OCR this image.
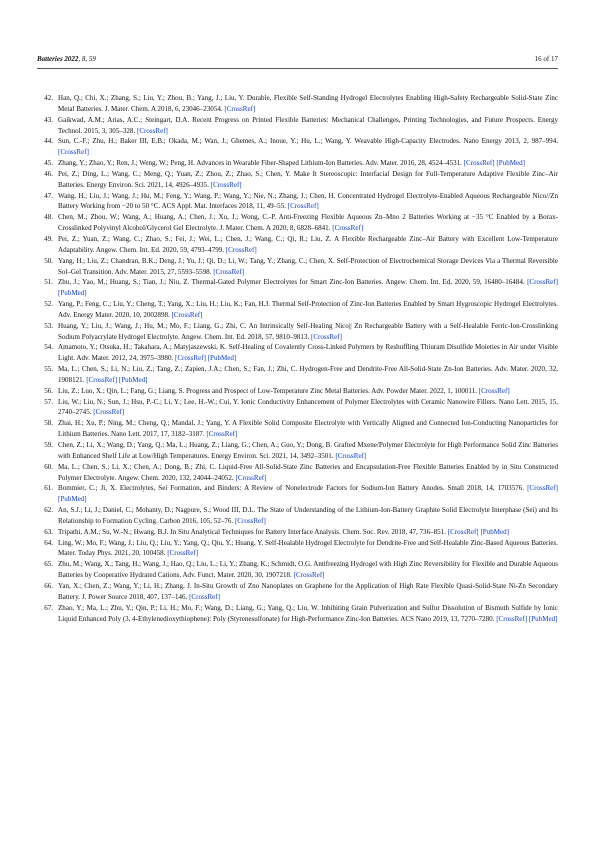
Batteries 2022, 8, 59	16 of 17
42. Han, Q.; Chi, X.; Zhang, S.; Liu, Y.; Zhou, B.; Yang, J.; Liu, Y. Durable, Flexible Self-Standing Hydrogel Electrolytes Enabling High-Safety Rechargeable Solid-State Zinc Metal Batteries. J. Mater. Chem. A 2018, 6, 23046–23054. [CrossRef]
43. Gaikwad, A.M.; Arias, A.C.; Steingart, D.A. Recent Progress on Printed Flexible Batteries: Mechanical Challenges, Printing Technologies, and Future Prospects. Energy Technol. 2015, 3, 305–328. [CrossRef]
44. Sun, C.-F.; Zhu, H.; Baker III, E.B.; Okada, M.; Wan, J.; Ghemes, A.; Inoue, Y.; Hu, L.; Wang, Y. Weavable High-Capacity Electrodes. Nano Energy 2013, 2, 987–994. [CrossRef]
45. Zhang, Y.; Zhao, Y.; Ren, J.; Weng, W.; Peng, H. Advances in Wearable Fiber-Shaped Lithium-Ion Batteries. Adv. Mater. 2016, 28, 4524–4531. [CrossRef] [PubMed]
46. Pei, Z.; Ding, L.; Wang, C.; Meng, Q.; Yuan, Z.; Zhou, Z.; Zhao, S.; Chen, Y. Make It Stereoscopic: Interfacial Design for Full-Temperature Adaptive Flexible Zinc–Air Batteries. Energy Environ. Sci. 2021, 14, 4926–4935. [CrossRef]
47. Wang, H.; Liu, J.; Wang, J.; Hu, M.; Feng, Y.; Wang, P.; Wang, Y.; Nie, N.; Zhang, J.; Chen, H. Concentrated Hydrogel Electrolyte-Enabled Aqueous Rechargeable Nico//Zn Battery Working from −20 to 50 °C. ACS Appl. Mat. Interfaces 2018, 11, 49–55. [CrossRef]
48. Chen, M.; Zhou, W.; Wang, A.; Huang, A.; Chen, J.; Xu, J.; Wong, C.-P. Anti-Freezing Flexible Aqueous Zn–Mno 2 Batteries Working at −35 °C Enabled by a Borax-Crosslinked Polyvinyl Alcohol/Glycerol Gel Electrolyte. J. Mater. Chem. A 2020, 8, 6828–6841. [CrossRef]
49. Pei, Z.; Yuan, Z.; Wang, C.; Zhao, S.; Fei, J.; Wei, L.; Chen, J.; Wang, C.; Qi, R.; Liu, Z. A Flexible Rechargeable Zinc–Air Battery with Excellent Low-Temperature Adaptability. Angew. Chem. Int. Ed. 2020, 59, 4793–4799. [CrossRef]
50. Yang, H.; Liu, Z.; Chandran, B.K.; Deng, J.; Yu, J.; Qi, D.; Li, W.; Tang, Y.; Zhang, C.; Chen, X. Self-Protection of Electrochemical Storage Devices Via a Thermal Reversible Sol–Gel Transition. Adv. Mater. 2015, 27, 5593–5598. [CrossRef]
51. Zhu, J.; Yao, M.; Huang, S.; Tian, J.; Niu, Z. Thermal-Gated Polymer Electrolytes for Smart Zinc-Ion Batteries. Angew. Chem. Int. Ed. 2020, 59, 16480–16484. [CrossRef] [PubMed]
52. Yang, P.; Feng, C.; Liu, Y.; Cheng, T.; Yang, X.; Liu, H.; Liu, K.; Fan, H.J. Thermal Self-Protection of Zinc-Ion Batteries Enabled by Smart Hygroscopic Hydrogel Electrolytes. Adv. Energy Mater. 2020, 10, 2002898. [CrossRef]
53. Huang, Y.; Liu, J.; Wang, J.; Hu, M.; Mo, F.; Liang, G.; Zhi, C. An Intrinsically Self-Healing Nico|| Zn Rechargeable Battery with a Self-Healable Ferric-Ion-Crosslinking Sodium Polyacrylate Hydrogel Electrolyte. Angew. Chem. Int. Ed. 2018, 57, 9810–9813. [CrossRef]
54. Amamoto, Y.; Otsuka, H.; Takahara, A.; Matyjaszewski, K. Self-Healing of Covalently Cross-Linked Polymers by Reshuffling Thiuram Disulfide Moieties in Air under Visible Light. Adv. Mater. 2012, 24, 3975–3980. [CrossRef] [PubMed]
55. Ma, L.; Chen, S.; Li, N.; Liu, Z.; Tang, Z.; Zapien, J.A.; Chen, S.; Fan, J.; Zhi, C. Hydrogen-Free and Dendrite-Free All-Solid-State Zn-Ion Batteries. Adv. Mater. 2020, 32, 1908121. [CrossRef] [PubMed]
56. Liu, Z.; Luo, X.; Qin, L.; Fang, G.; Liang, S. Progress and Prospect of Low-Temperature Zinc Metal Batteries. Adv. Powder Mater. 2022, 1, 100011. [CrossRef]
57. Liu, W.; Liu, N.; Sun, J.; Hsu, P.-C.; Li, Y.; Lee, H.-W.; Cui, Y. Ionic Conductivity Enhancement of Polymer Electrolytes with Ceramic Nanowire Fillers. Nano Lett. 2015, 15, 2740–2745. [CrossRef]
58. Zhai, H.; Xu, P.; Ning, M.; Cheng, Q.; Mandal, J.; Yang, Y. A Flexible Solid Composite Electrolyte with Vertically Aligned and Connected Ion-Conducting Nanoparticles for Lithium Batteries. Nano Lett. 2017, 17, 3182–3187. [CrossRef]
59. Chen, Z.; Li, X.; Wang, D.; Yang, Q.; Ma, L.; Huang, Z.; Liang, G.; Chen, A.; Guo, Y.; Dong, B. Grafted Mxene/Polymer Electrolyte for High Performance Solid Zinc Batteries with Enhanced Shelf Life at Low/High Temperatures. Energy Environ. Sci. 2021, 14, 3492–3501. [CrossRef]
60. Ma, L.; Chen, S.; Li, X.; Chen, A.; Dong, B.; Zhi, C. Liquid-Free All-Solid-State Zinc Batteries and Encapsulation-Free Flexible Batteries Enabled by in Situ Constructed Polymer Electrolyte. Angew. Chem. 2020, 132, 24044–24052. [CrossRef]
61. Bommier, C.; Ji, X. Electrolytes, Sei Formation, and Binders: A Review of Nonelectrode Factors for Sodium-Ion Battery Anodes. Small 2018, 14, 1703576. [CrossRef] [PubMed]
62. An, S.J.; Li, J.; Daniel, C.; Mohanty, D.; Nagpure, S.; Wood III, D.L. The State of Understanding of the Lithium-Ion-Battery Graphite Solid Electrolyte Interphase (Sei) and Its Relationship to Formation Cycling. Carbon 2016, 105, 52–76. [CrossRef]
63. Tripathi, A.M.; Su, W.-N.; Hwang, B.J. In Situ Analytical Techniques for Battery Interface Analysis. Chem. Soc. Rev. 2018, 47, 736–851. [CrossRef] [PubMed]
64. Ling, W.; Mo, F.; Wang, J.; Liu, Q.; Liu, Y.; Yang, Q.; Qiu, Y.; Huang, Y. Self-Healable Hydrogel Electrolyte for Dendrite-Free and Self-Healable Zinc-Based Aqueous Batteries. Mater. Today Phys. 2021, 20, 100458. [CrossRef]
65. Zhu, M.; Wang, X.; Tang, H.; Wang, J.; Hao, Q.; Liu, L.; Li, Y.; Zhang, K.; Schmidt, O.G. Antifreezing Hydrogel with High Zinc Reversibility for Flexible and Durable Aqueous Batteries by Cooperative Hydrated Cations. Adv. Funct. Mater. 2020, 30, 1907218. [CrossRef]
66. Yan, X.; Chen, Z.; Wang, Y.; Li, H.; Zhang, J. In-Situ Growth of Zno Nanoplates on Graphene for the Application of High Rate Flexible Quasi-Solid-State Ni-Zn Secondary Battery. J. Power Source 2018, 407, 137–146. [CrossRef]
67. Zhao, Y.; Ma, L.; Zhu, Y.; Qin, P.; Li, H.; Mo, F.; Wang, D.; Liang, G.; Yang, Q.; Liu, W. Inhibiting Grain Pulverization and Sulfur Dissolution of Bismuth Sulfide by Ionic Liquid Enhanced Poly (3, 4-Ethylenedioxythiophene): Poly (Styrenesulfonate) for High-Performance Zinc-Ion Batteries. ACS Nano 2019, 13, 7270–7280. [CrossRef] [PubMed]
